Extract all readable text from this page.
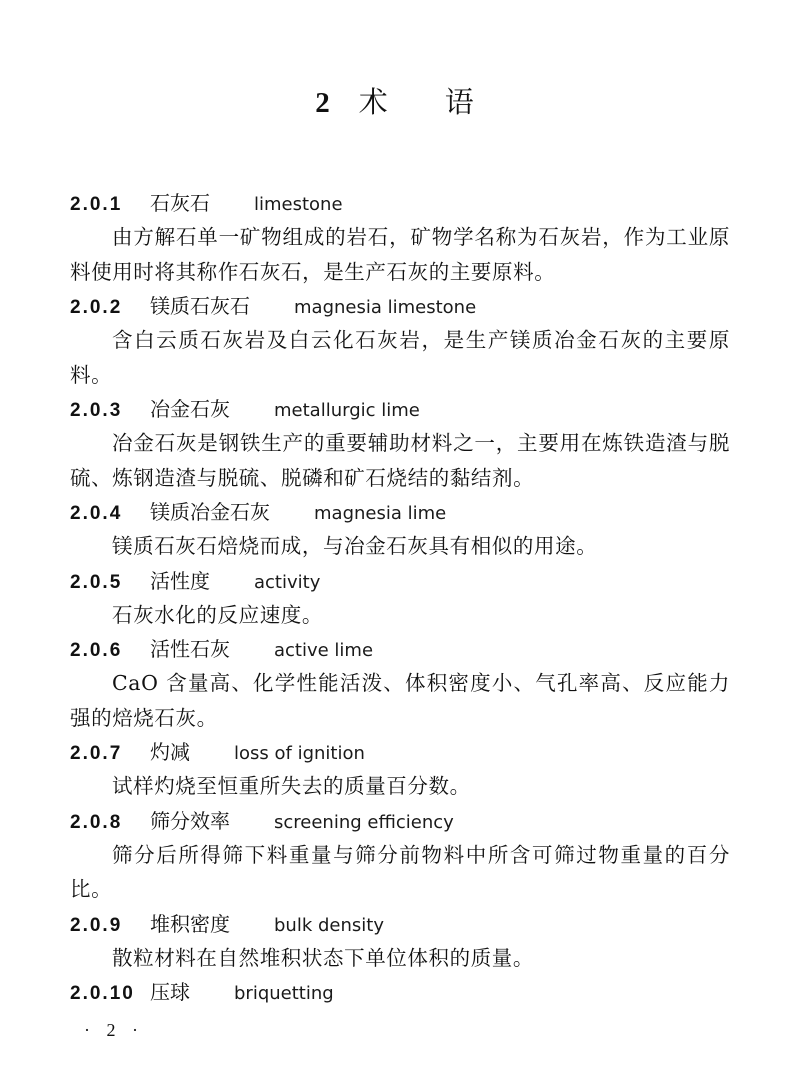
2 术 语
2.0.1 石灰石 limestone

由方解石单一矿物组成的岩石，矿物学名称为石灰岩，作为工业原料使用时将其称作石灰石，是生产石灰的主要原料。

2.0.2 镁质石灰石 magnesia limestone

含白云质石灰岩及白云化石灰岩，是生产镁质冶金石灰的主要原料。

2.0.3 冶金石灰 metallurgic lime

冶金石灰是钢铁生产的重要辅助材料之一，主要用在炼铁造渣与脱硫、炼钢造渣与脱硫、脱磷和矿石烧结的黏结剂。

2.0.4 镁质冶金石灰 magnesia lime

镁质石灰石焙烧而成，与冶金石灰具有相似的用途。

2.0.5 活性度 activity

石灰水化的反应速度。

2.0.6 活性石灰 active lime

CaO 含量高、化学性能活泼、体积密度小、气孔率高、反应能力强的焙烧石灰。

2.0.7 灼减 loss of ignition

试样灼烧至恒重所失去的质量百分数。

2.0.8 筛分效率 screening efficiency

筛分后所得筛下料重量与筛分前物料中所含可筛过物重量的百分比。

2.0.9 堆积密度 bulk density

散粒材料在自然堆积状态下单位体积的质量。

2.0.10 压球 briquetting
· 2 ·
